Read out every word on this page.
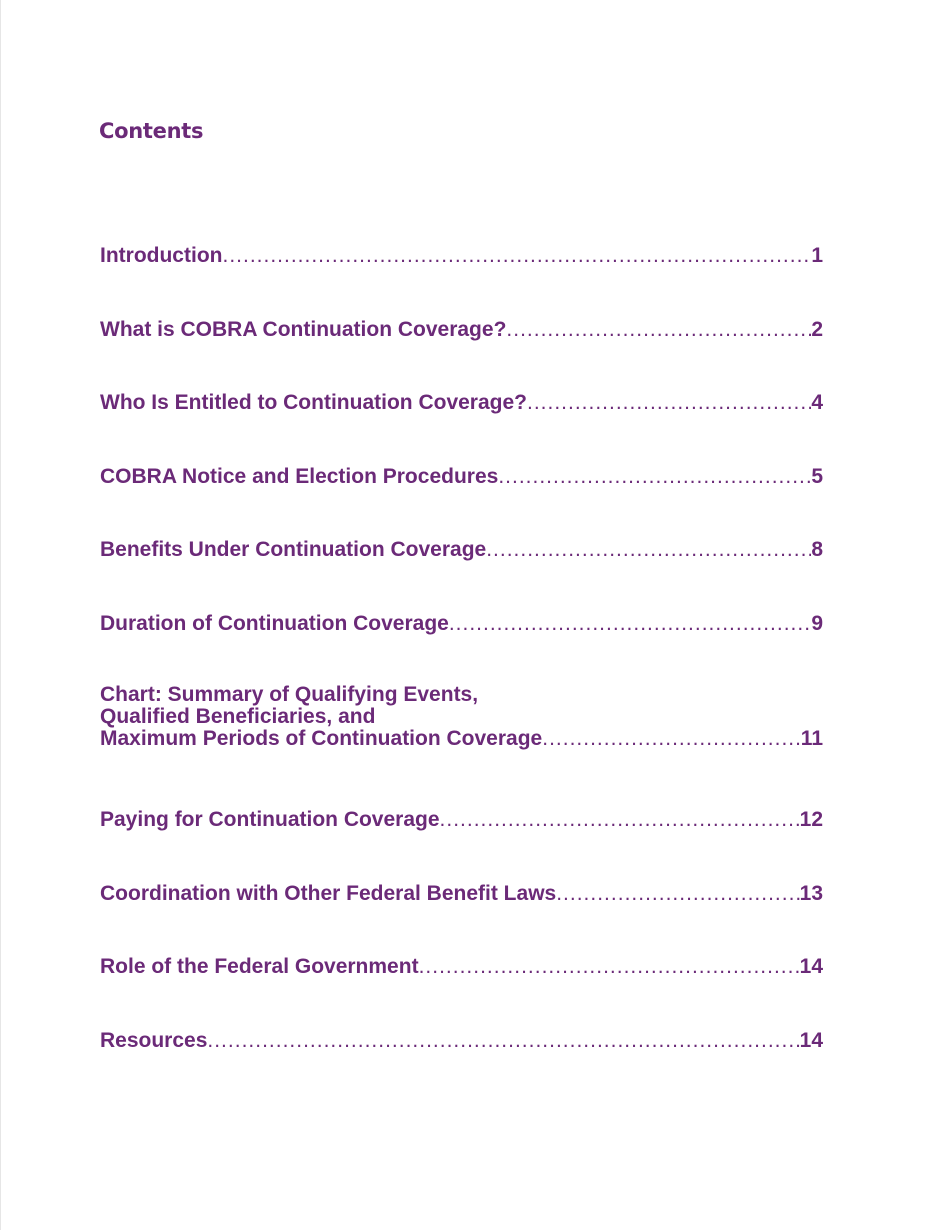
Contents
Introduction .....	1
What is COBRA Continuation Coverage? .....	2
Who Is Entitled to Continuation Coverage? .....	4
COBRA Notice and Election Procedures .....	5
Benefits Under Continuation Coverage .....	8
Duration of Continuation Coverage .....	9
Chart: Summary of Qualifying Events,
Qualified Beneficiaries, and
Maximum Periods of Continuation Coverage .....	11
Paying for Continuation Coverage .....	12
Coordination with Other Federal Benefit Laws .....	13
Role of the Federal Government .....	14
Resources .....	14
